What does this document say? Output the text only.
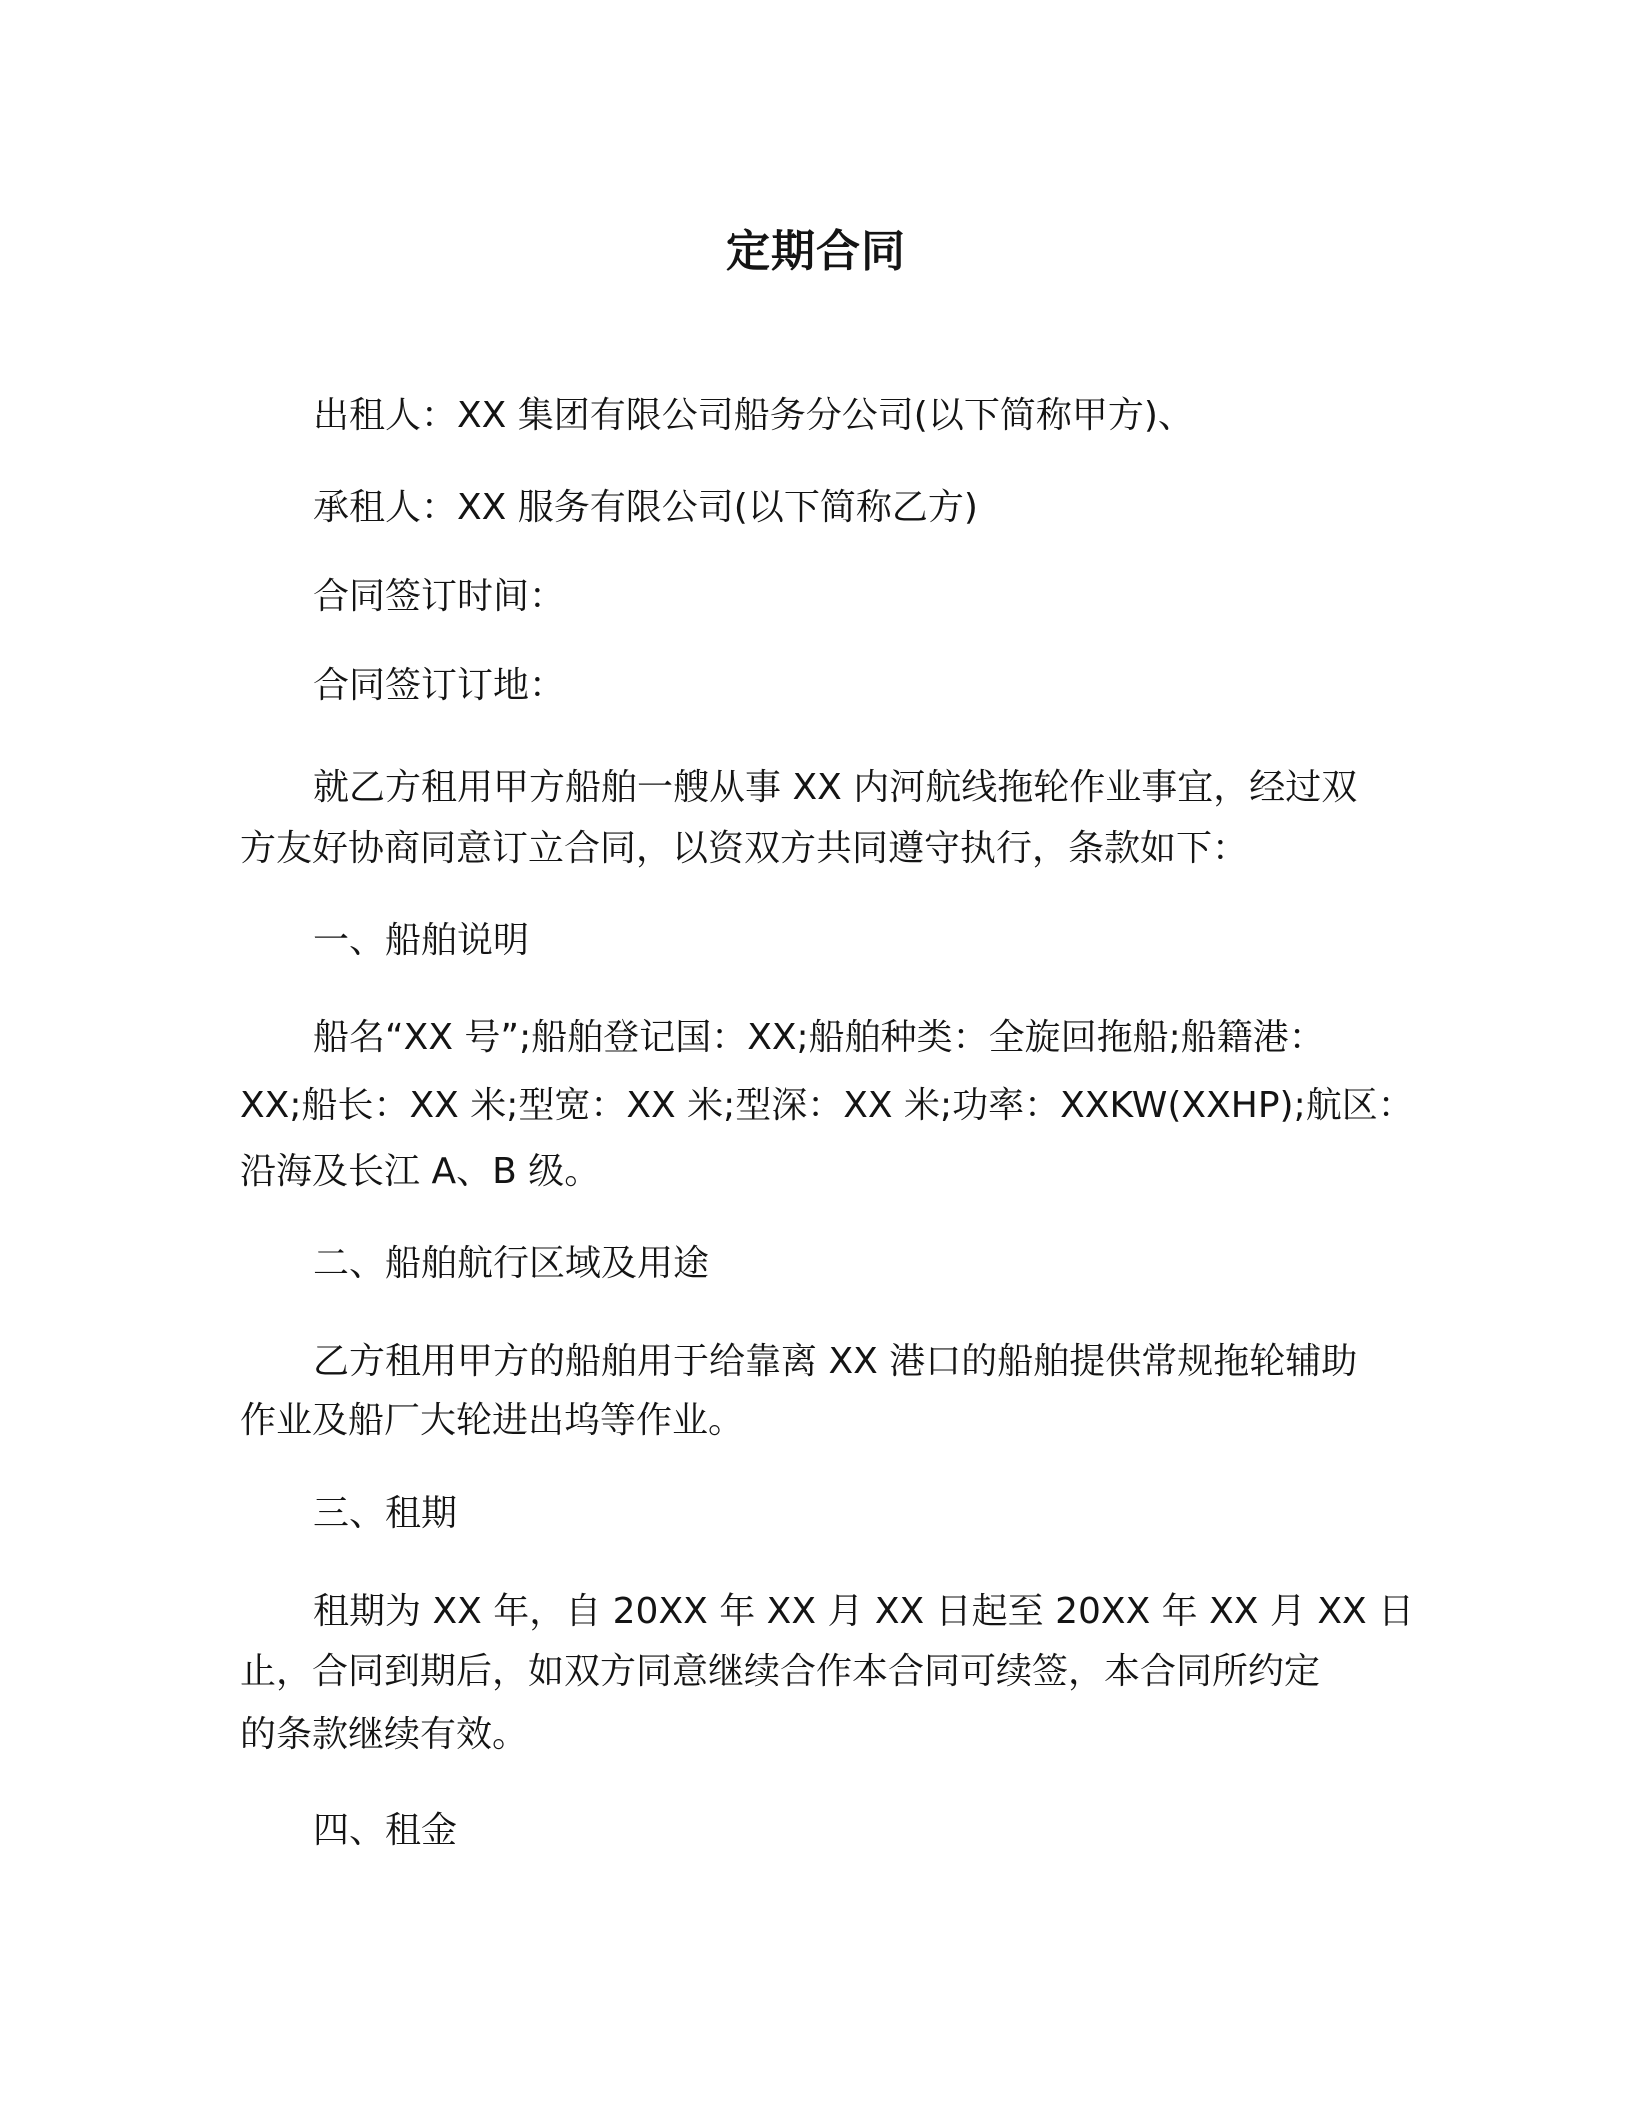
定期合同
出租人：XX 集团有限公司船务分公司(以下简称甲方)、
承租人：XX 服务有限公司(以下简称乙方)
合同签订时间：
合同签订订地：
就乙方租用甲方船舶一艘从事 XX 内河航线拖轮作业事宜，经过双
方友好协商同意订立合同，以资双方共同遵守执行，条款如下：
一、船舶说明
船名“XX 号”;船舶登记国：XX;船舶种类：全旋回拖船;船籍港：
XX;船长：XX 米;型宽：XX 米;型深：XX 米;功率：XXKW(XXHP);航区：
沿海及长江 A、B 级。
二、船舶航行区域及用途
乙方租用甲方的船舶用于给靠离 XX 港口的船舶提供常规拖轮辅助
作业及船厂大轮进出坞等作业。
三、租期
租期为 XX 年，自 20XX 年 XX 月 XX 日起至 20XX 年 XX 月 XX 日
止，合同到期后，如双方同意继续合作本合同可续签，本合同所约定
的条款继续有效。
四、租金
